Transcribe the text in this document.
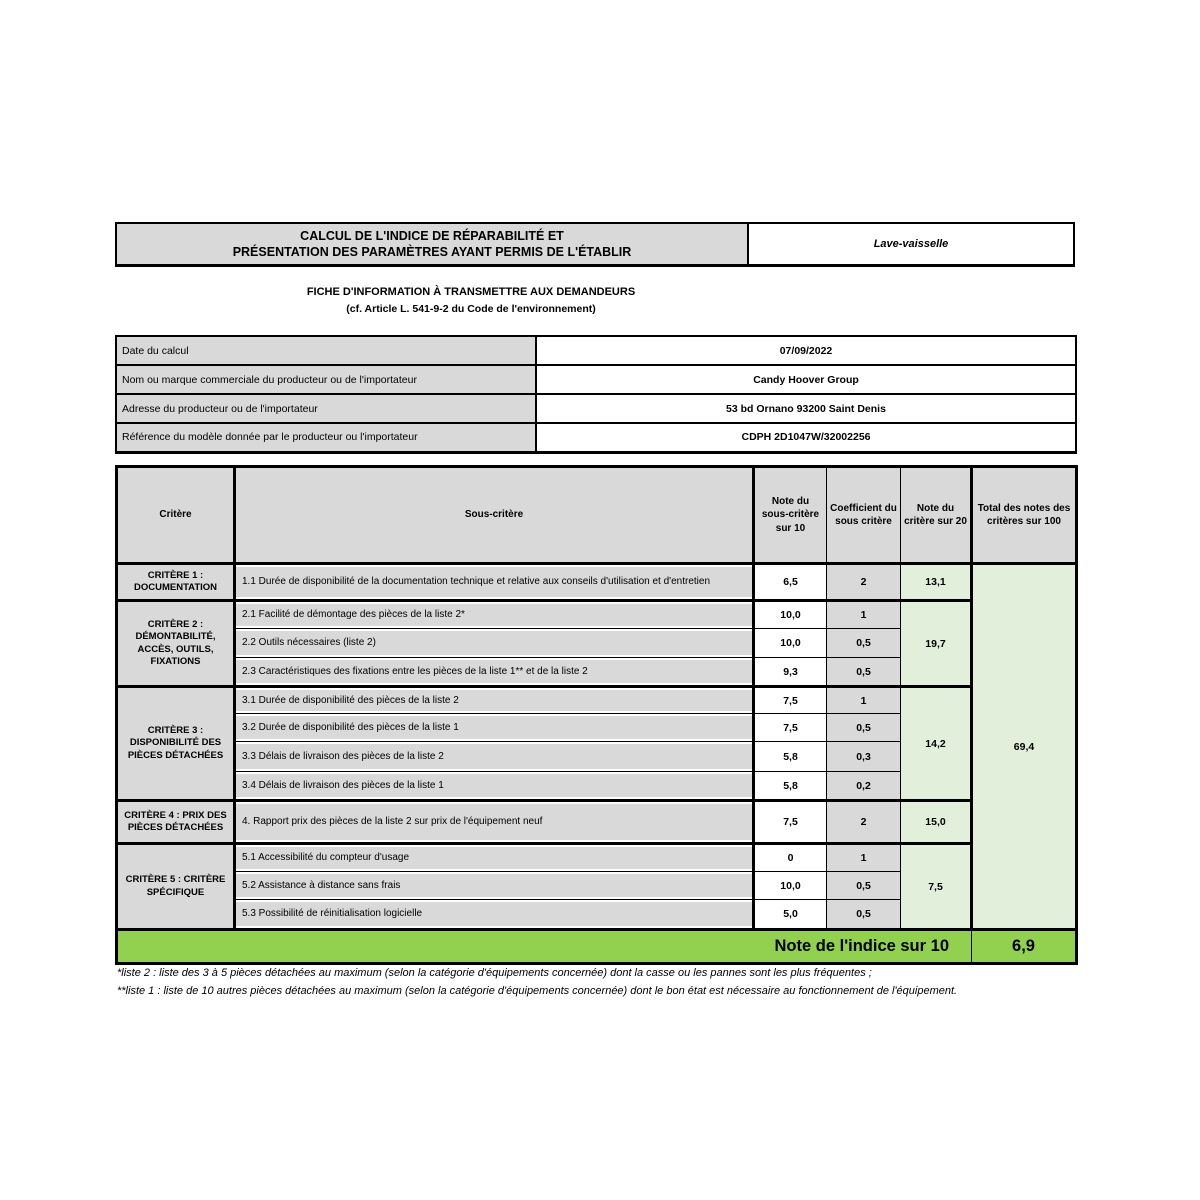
CALCUL DE L'INDICE DE RÉPARABILITÉ ET
PRÉSENTATION DES PARAMÈTRES AYANT PERMIS DE L'ÉTABLIR
Lave-vaisselle
FICHE D'INFORMATION À TRANSMETTRE AUX DEMANDEURS
(cf. Article L. 541-9-2 du Code de l'environnement)
Date du calcul	07/09/2022
Nom ou marque commerciale du producteur ou de l'importateur	Candy Hoover Group
Adresse du producteur ou de l'importateur	53 bd Ornano 93200 Saint Denis
Référence du modèle donnée par le producteur ou l'importateur	CDPH 2D1047W/32002256
Critère	Sous-critère	Note du sous-critère sur 10	Coefficient du sous critère	Note du critère sur 20	Total des notes des critères sur 100
CRITÈRE 1 : DOCUMENTATION	1.1 Durée de disponibilité de la documentation technique et relative aux conseils d'utilisation et d'entretien	6,5	2	13,1	69,4
CRITÈRE 2 : DÉMONTABILITÉ, ACCÈS, OUTILS, FIXATIONS	2.1 Facilité de démontage des pièces de la liste 2*	10,0	1	19,7	
	2.2 Outils nécessaires (liste 2)	10,0	0,5		
	2.3 Caractéristiques des fixations entre les pièces de la liste 1** et de la liste 2	9,3	0,5		
CRITÈRE 3 : DISPONIBILITÉ DES PIÈCES DÉTACHÉES	3.1 Durée de disponibilité des pièces de la liste 2	7,5	1	14,2	
	3.2 Durée de disponibilité des pièces de la liste 1	7,5	0,5		
	3.3 Délais de livraison des pièces de la liste 2	5,8	0,3		
	3.4 Délais de livraison des pièces de la liste 1	5,8	0,2		
CRITÈRE 4 : PRIX DES PIÈCES DÉTACHÉES	4. Rapport prix des pièces de la liste 2 sur prix de l'équipement neuf	7,5	2	15,0	
CRITÈRE 5 : CRITÈRE SPÉCIFIQUE	5.1 Accessibilité du compteur d'usage	0	1	7,5	
	5.2 Assistance à distance sans frais	10,0	0,5		
	5.3 Possibilité de réinitialisation logicielle	5,0	0,5		
Note de l'indice sur 10					6,9
*liste 2 : liste des 3 à 5 pièces détachées au maximum (selon la catégorie d'équipements concernée) dont la casse ou les pannes sont les plus fréquentes ;
**liste 1 : liste de 10 autres pièces détachées au maximum (selon la catégorie d'équipements concernée) dont le bon état est nécessaire au fonctionnement de l'équipement.
